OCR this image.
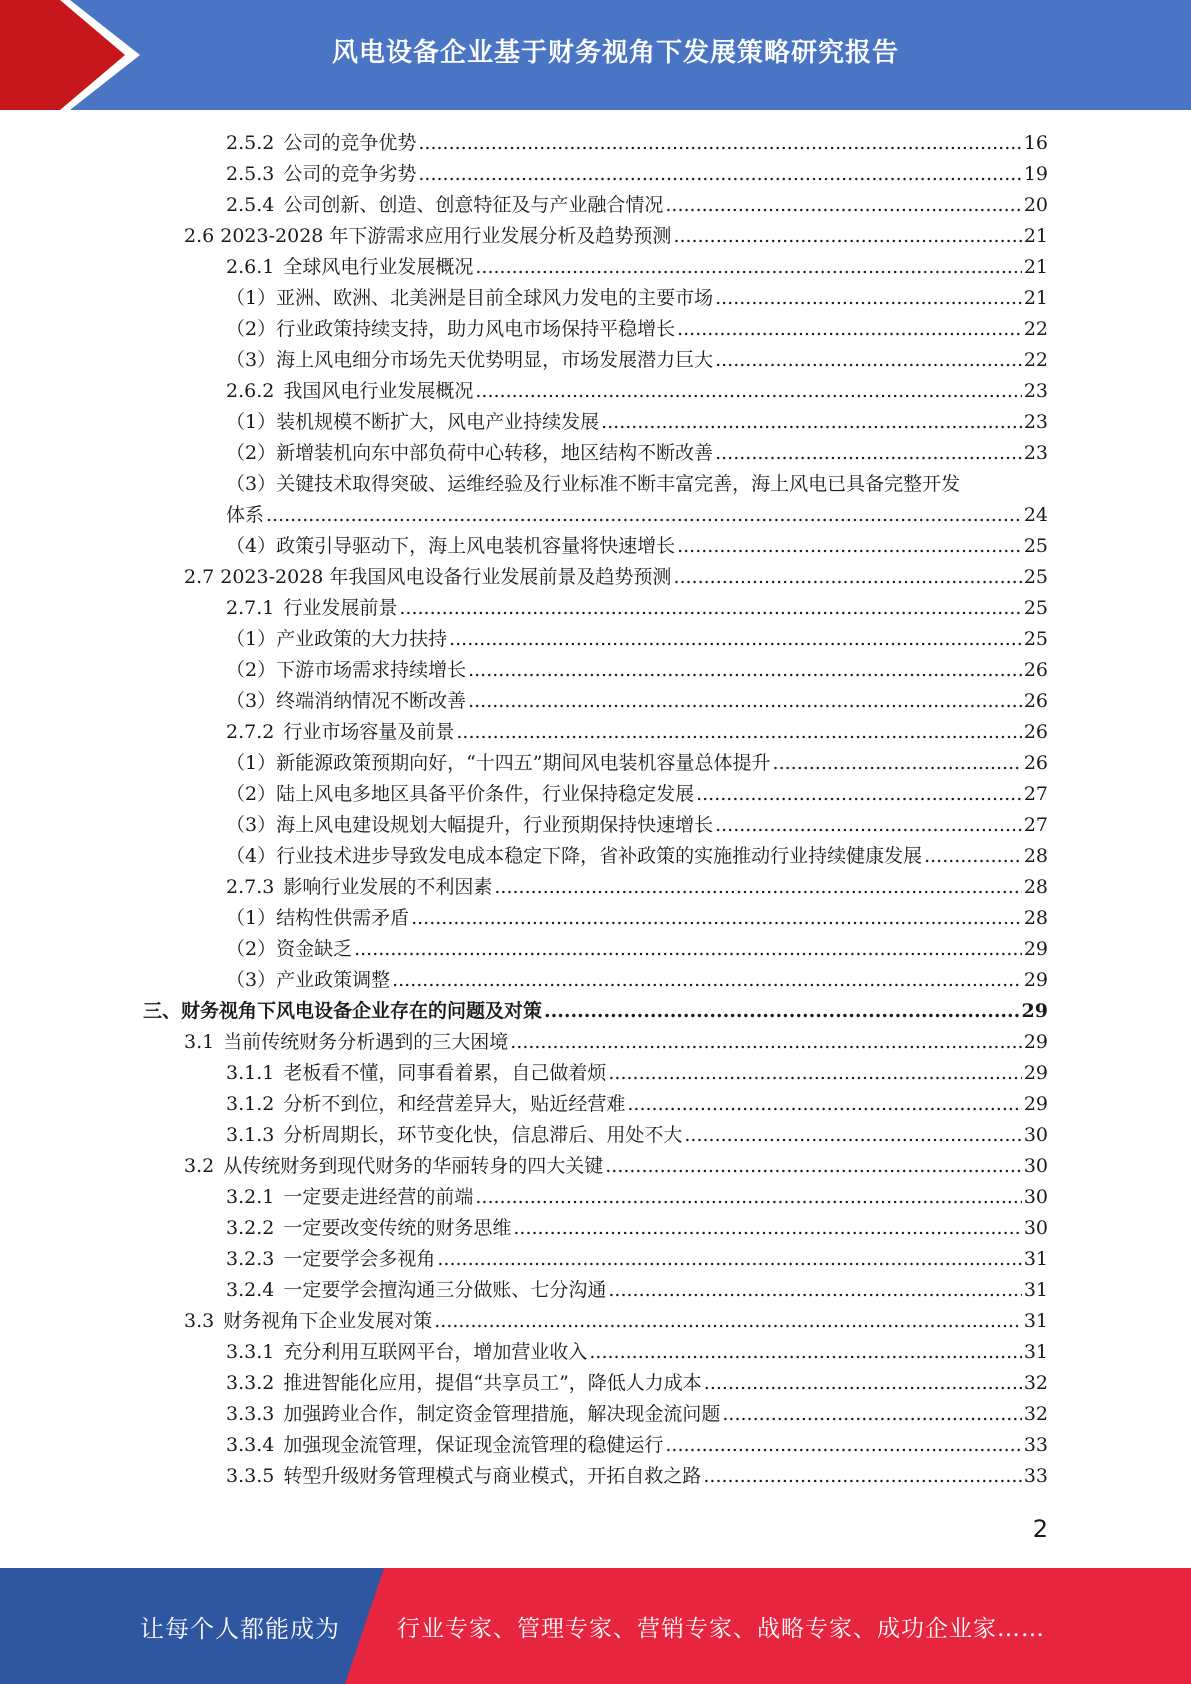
风电设备企业基于财务视角下发展策略研究报告
2.5.2 公司的竞争优势 .....	16
2.5.3 公司的竞争劣势 .....	19
2.5.4 公司创新、创造、创意特征及与产业融合情况 .....	20
2.6 2023-2028 年下游需求应用行业发展分析及趋势预测 .....	21
2.6.1 全球风电行业发展概况 .....	21
（1）亚洲、欧洲、北美洲是目前全球风力发电的主要市场 .....	21
（2）行业政策持续支持，助力风电市场保持平稳增长 .....	22
（3）海上风电细分市场先天优势明显，市场发展潜力巨大 .....	22
2.6.2 我国风电行业发展概况 .....	23
（1）装机规模不断扩大，风电产业持续发展 .....	23
（2）新增装机向东中部负荷中心转移，地区结构不断改善 .....	23
（3）关键技术取得突破、运维经验及行业标准不断丰富完善，海上风电已具备完整开发
体系 .....	24
（4）政策引导驱动下，海上风电装机容量将快速增长 .....	25
2.7 2023-2028 年我国风电设备行业发展前景及趋势预测 .....	25
2.7.1 行业发展前景 .....	25
（1）产业政策的大力扶持 .....	25
（2）下游市场需求持续增长 .....	26
（3）终端消纳情况不断改善 .....	26
2.7.2 行业市场容量及前景 .....	26
（1）新能源政策预期向好，“十四五”期间风电装机容量总体提升 .....	26
（2）陆上风电多地区具备平价条件，行业保持稳定发展 .....	27
（3）海上风电建设规划大幅提升，行业预期保持快速增长 .....	27
（4）行业技术进步导致发电成本稳定下降，省补政策的实施推动行业持续健康发展 .....	28
2.7.3 影响行业发展的不利因素 .....	28
（1）结构性供需矛盾 .....	28
（2）资金缺乏 .....	29
（3）产业政策调整 .....	29
三、财务视角下风电设备企业存在的问题及对策 .....	29
3.1 当前传统财务分析遇到的三大困境 .....	29
3.1.1 老板看不懂，同事看着累，自己做着烦 .....	29
3.1.2 分析不到位，和经营差异大，贴近经营难 .....	29
3.1.3 分析周期长，环节变化快，信息滞后、用处不大 .....	30
3.2 从传统财务到现代财务的华丽转身的四大关键 .....	30
3.2.1 一定要走进经营的前端 .....	30
3.2.2 一定要改变传统的财务思维 .....	30
3.2.3 一定要学会多视角 .....	31
3.2.4 一定要学会擅沟通三分做账、七分沟通 .....	31
3.3 财务视角下企业发展对策 .....	31
3.3.1 充分利用互联网平台，增加营业收入 .....	31
3.3.2 推进智能化应用，提倡“共享员工”，降低人力成本 .....	32
3.3.3 加强跨业合作，制定资金管理措施，解决现金流问题 .....	32
3.3.4 加强现金流管理，保证现金流管理的稳健运行 .....	33
3.3.5 转型升级财务管理模式与商业模式，开拓自救之路 .....	33
2
让每个人都能成为 行业专家、管理专家、营销专家、战略专家、成功企业家……
